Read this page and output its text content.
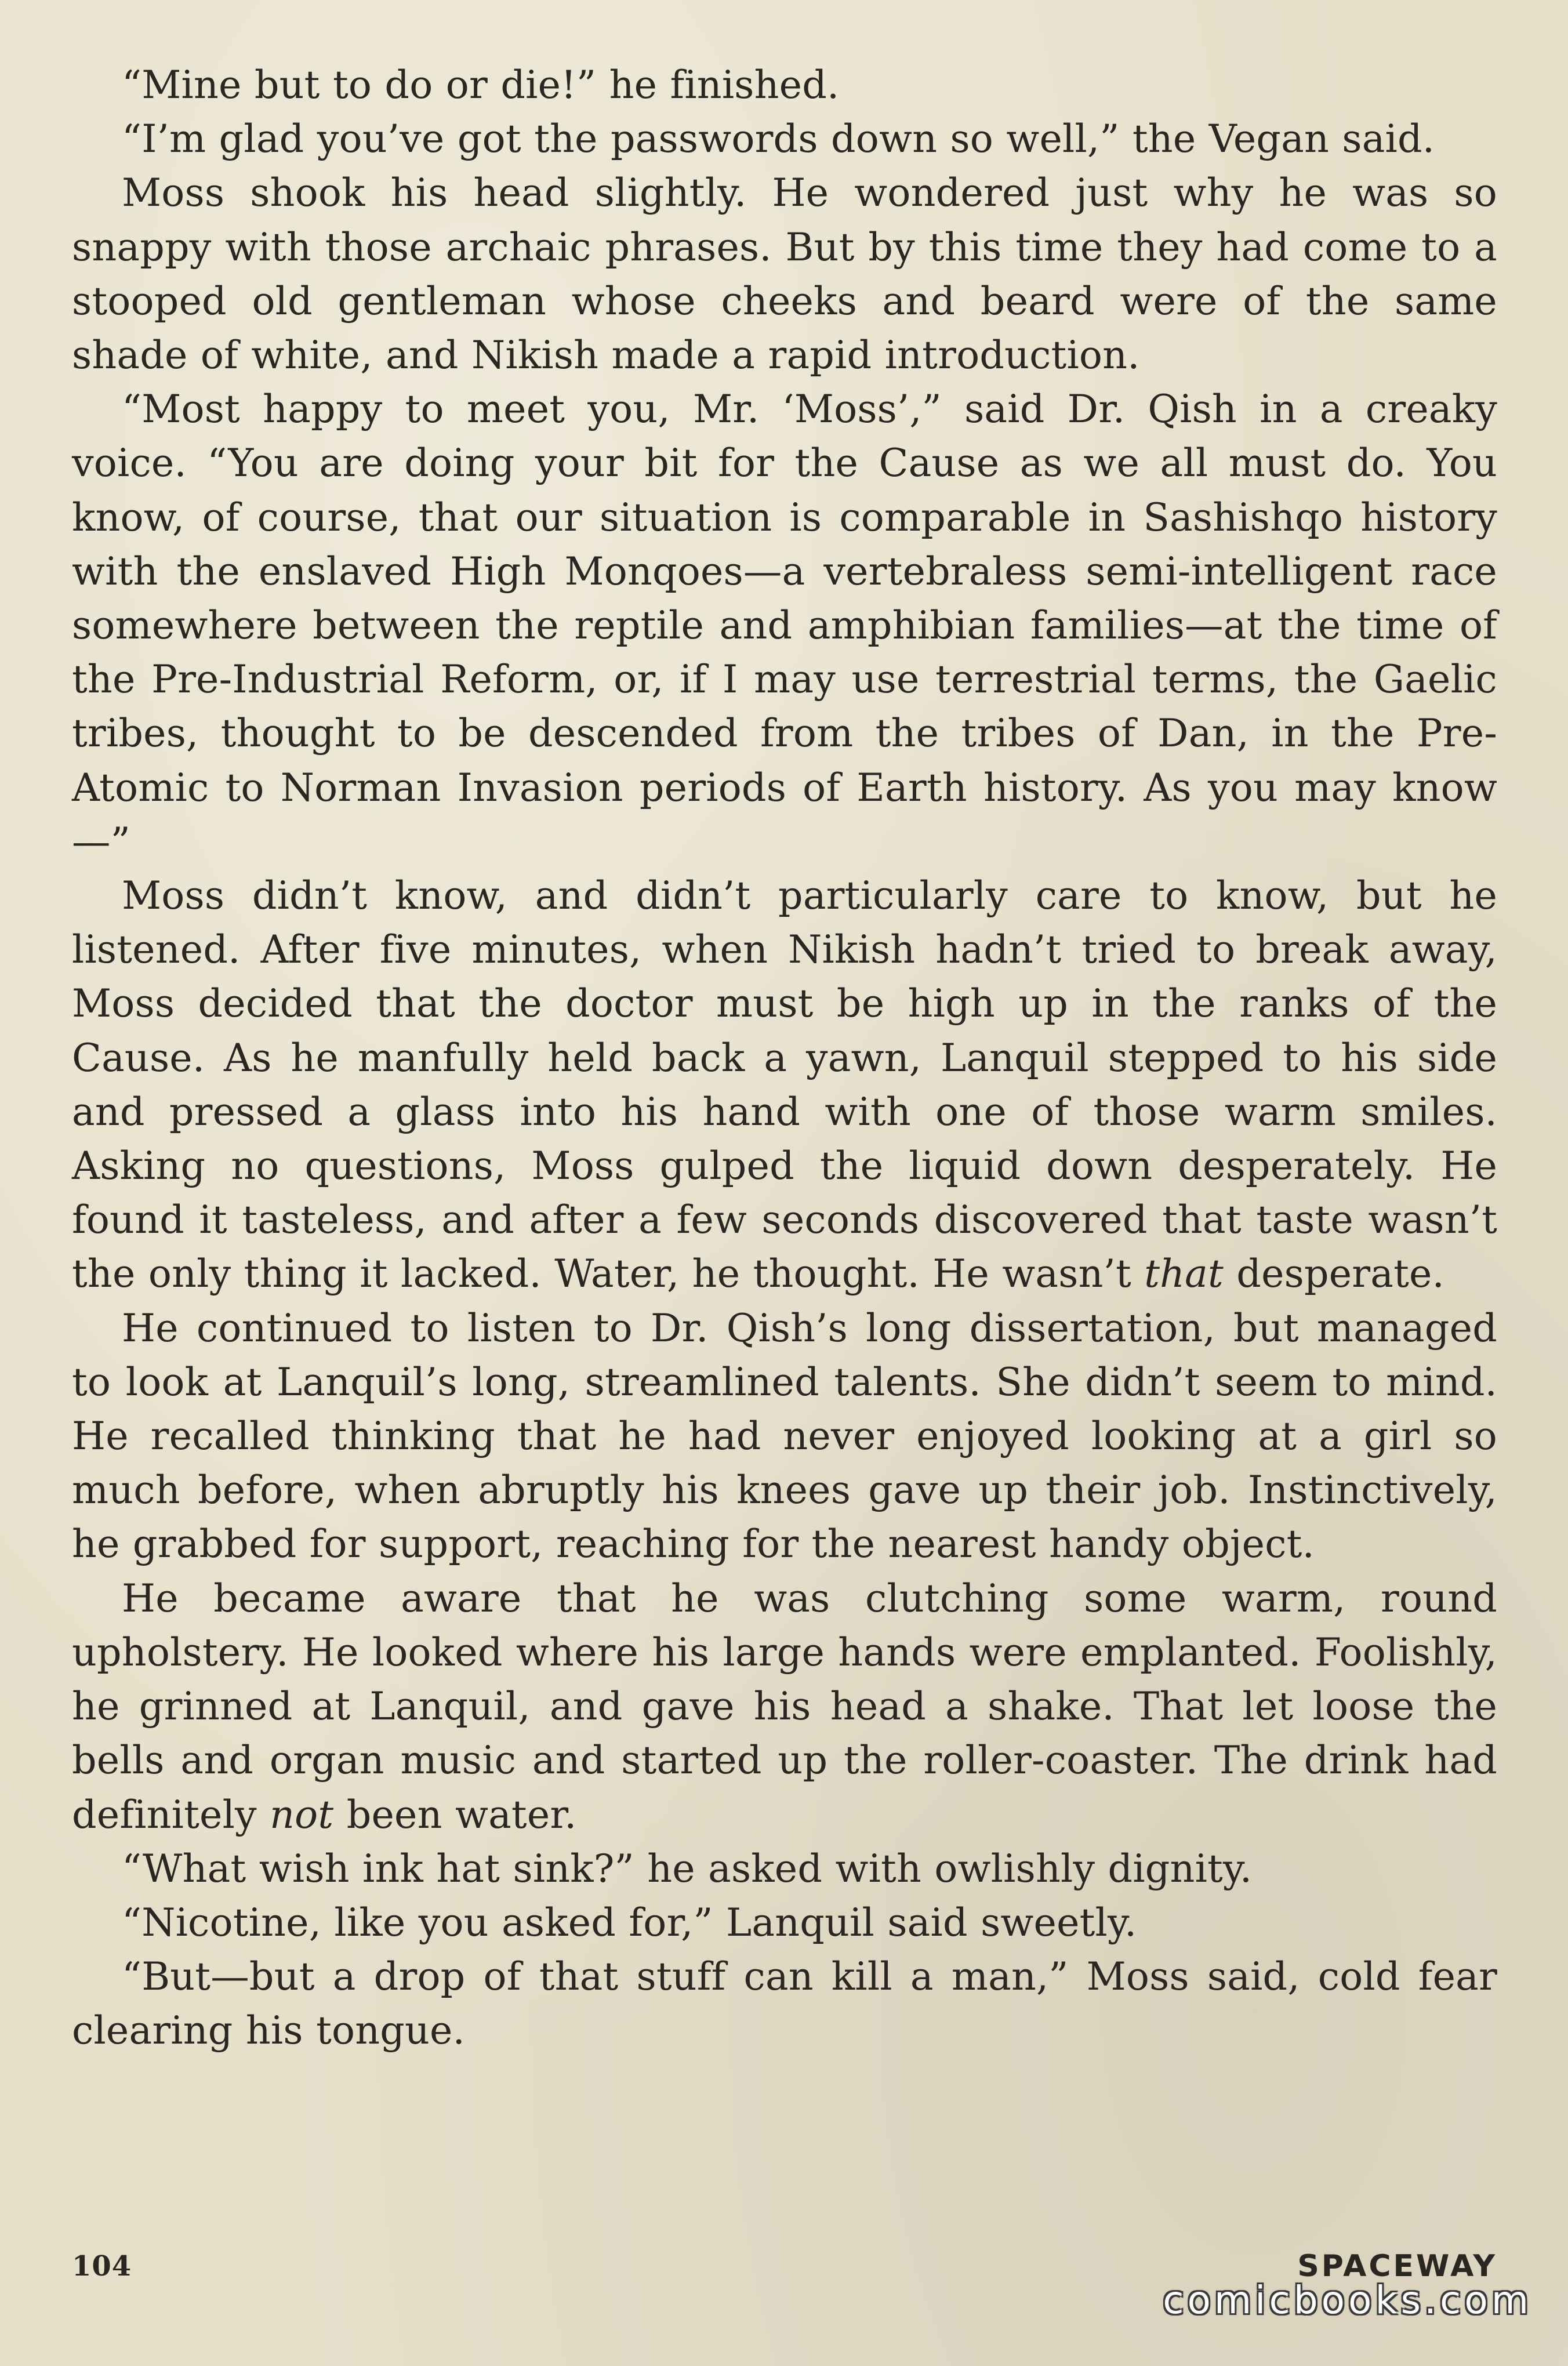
“Mine but to do or die!” he finished.

“I’m glad you’ve got the passwords down so well,” the Vegan said.

Moss shook his head slightly. He wondered just why he was so snappy with those archaic phrases. But by this time they had come to a stooped old gentleman whose cheeks and beard were of the same shade of white, and Nikish made a rapid introduction.

“Most happy to meet you, Mr. ‘Moss’,” said Dr. Qish in a creaky voice. “You are doing your bit for the Cause as we all must do. You know, of course, that our situation is comparable in Sashishqo history with the enslaved High Monqoes—a vertebraless semi-intelligent race somewhere between the reptile and amphibian families—at the time of the Pre-Industrial Reform, or, if I may use terrestrial terms, the Gaelic tribes, thought to be descended from the tribes of Dan, in the Pre-Atomic to Norman Invasion periods of Earth history. As you may know—”

Moss didn’t know, and didn’t particularly care to know, but he listened. After five minutes, when Nikish hadn’t tried to break away, Moss decided that the doctor must be high up in the ranks of the Cause. As he manfully held back a yawn, Lanquil stepped to his side and pressed a glass into his hand with one of those warm smiles. Asking no questions, Moss gulped the liquid down desperately. He found it tasteless, and after a few seconds discovered that taste wasn’t the only thing it lacked. Water, he thought. He wasn’t that desperate.

He continued to listen to Dr. Qish’s long dissertation, but managed to look at Lanquil’s long, streamlined talents. She didn’t seem to mind. He recalled thinking that he had never enjoyed looking at a girl so much before, when abruptly his knees gave up their job. Instinctively, he grabbed for support, reaching for the nearest handy object.

He became aware that he was clutching some warm, round upholstery. He looked where his large hands were emplanted. Foolishly, he grinned at Lanquil, and gave his head a shake. That let loose the bells and organ music and started up the roller-coaster. The drink had definitely not been water.

“What wish ink hat sink?” he asked with owlishly dignity.

“Nicotine, like you asked for,” Lanquil said sweetly.

“But—but a drop of that stuff can kill a man,” Moss said, cold fear clearing his tongue.

104	SPACEWAY
comicbooks.com
